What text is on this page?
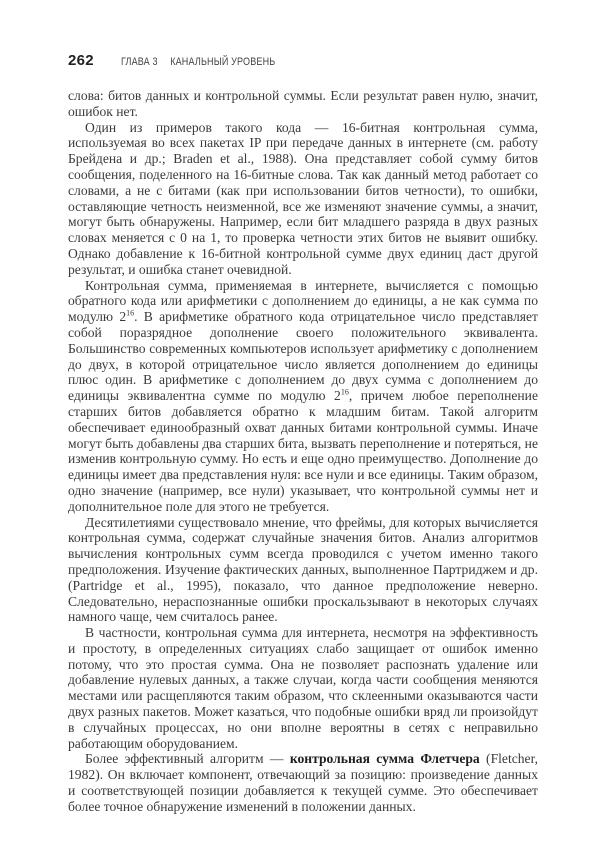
262	ГЛАВА 3 КАНАЛЬНЫЙ УРОВЕНЬ

слова: битов данных и контрольной суммы. Если результат равен нулю, значит, ошибок нет.

Один из примеров такого кода — 16-битная контрольная сумма, используемая во всех пакетах IP при передаче данных в интернете (см. работу Брейдена и др.; Braden et al., 1988). Она представляет собой сумму битов сообщения, поделенного на 16-битные слова. Так как данный метод работает со словами, а не с битами (как при использовании битов четности), то ошибки, оставляющие четность неизменной, все же изменяют значение суммы, а значит, могут быть обнаружены. Например, если бит младшего разряда в двух разных словах меняется с 0 на 1, то проверка четности этих битов не выявит ошибку. Однако добавление к 16-битной контрольной сумме двух единиц даст другой результат, и ошибка станет очевидной.

Контрольная сумма, применяемая в интернете, вычисляется с помощью обратного кода или арифметики с дополнением до единицы, а не как сумма по модулю $2^{16}$. В арифметике обратного кода отрицательное число представляет собой поразрядное дополнение своего положительного эквивалента. Большинство современных компьютеров использует арифметику с дополнением до двух, в которой отрицательное число является дополнением до единицы плюс один. В арифметике с дополнением до двух сумма с дополнением до единицы эквивалентна сумме по модулю $2^{16}$, причем любое переполнение старших битов добавляется обратно к младшим битам. Такой алгоритм обеспечивает единообразный охват данных битами контрольной суммы. Иначе могут быть добавлены два старших бита, вызвать переполнение и потеряться, не изменив контрольную сумму. Но есть и еще одно преимущество. Дополнение до единицы имеет два представления нуля: все нули и все единицы. Таким образом, одно значение (например, все нули) указывает, что контрольной суммы нет и дополнительное поле для этого не требуется.

Десятилетиями существовало мнение, что фреймы, для которых вычисляется контрольная сумма, содержат случайные значения битов. Анализ алгоритмов вычисления контрольных сумм всегда проводился с учетом именно такого предположения. Изучение фактических данных, выполненное Партриджем и др. (Partridge et al., 1995), показало, что данное предположение неверно. Следовательно, нераспознанные ошибки проскальзывают в некоторых случаях намного чаще, чем считалось ранее.

В частности, контрольная сумма для интернета, несмотря на эффективность и простоту, в определенных ситуациях слабо защищает от ошибок именно потому, что это простая сумма. Она не позволяет распознать удаление или добавление нулевых данных, а также случаи, когда части сообщения меняются местами или расщепляются таким образом, что склеенными оказываются части двух разных пакетов. Может казаться, что подобные ошибки вряд ли произойдут в случайных процессах, но они вполне вероятны в сетях с неправильно работающим оборудованием.

Более эффективный алгоритм — контрольная сумма Флетчера (Fletcher, 1982). Он включает компонент, отвечающий за позицию: произведение данных и соответствующей позиции добавляется к текущей сумме. Это обеспечивает более точное обнаружение изменений в положении данных.
